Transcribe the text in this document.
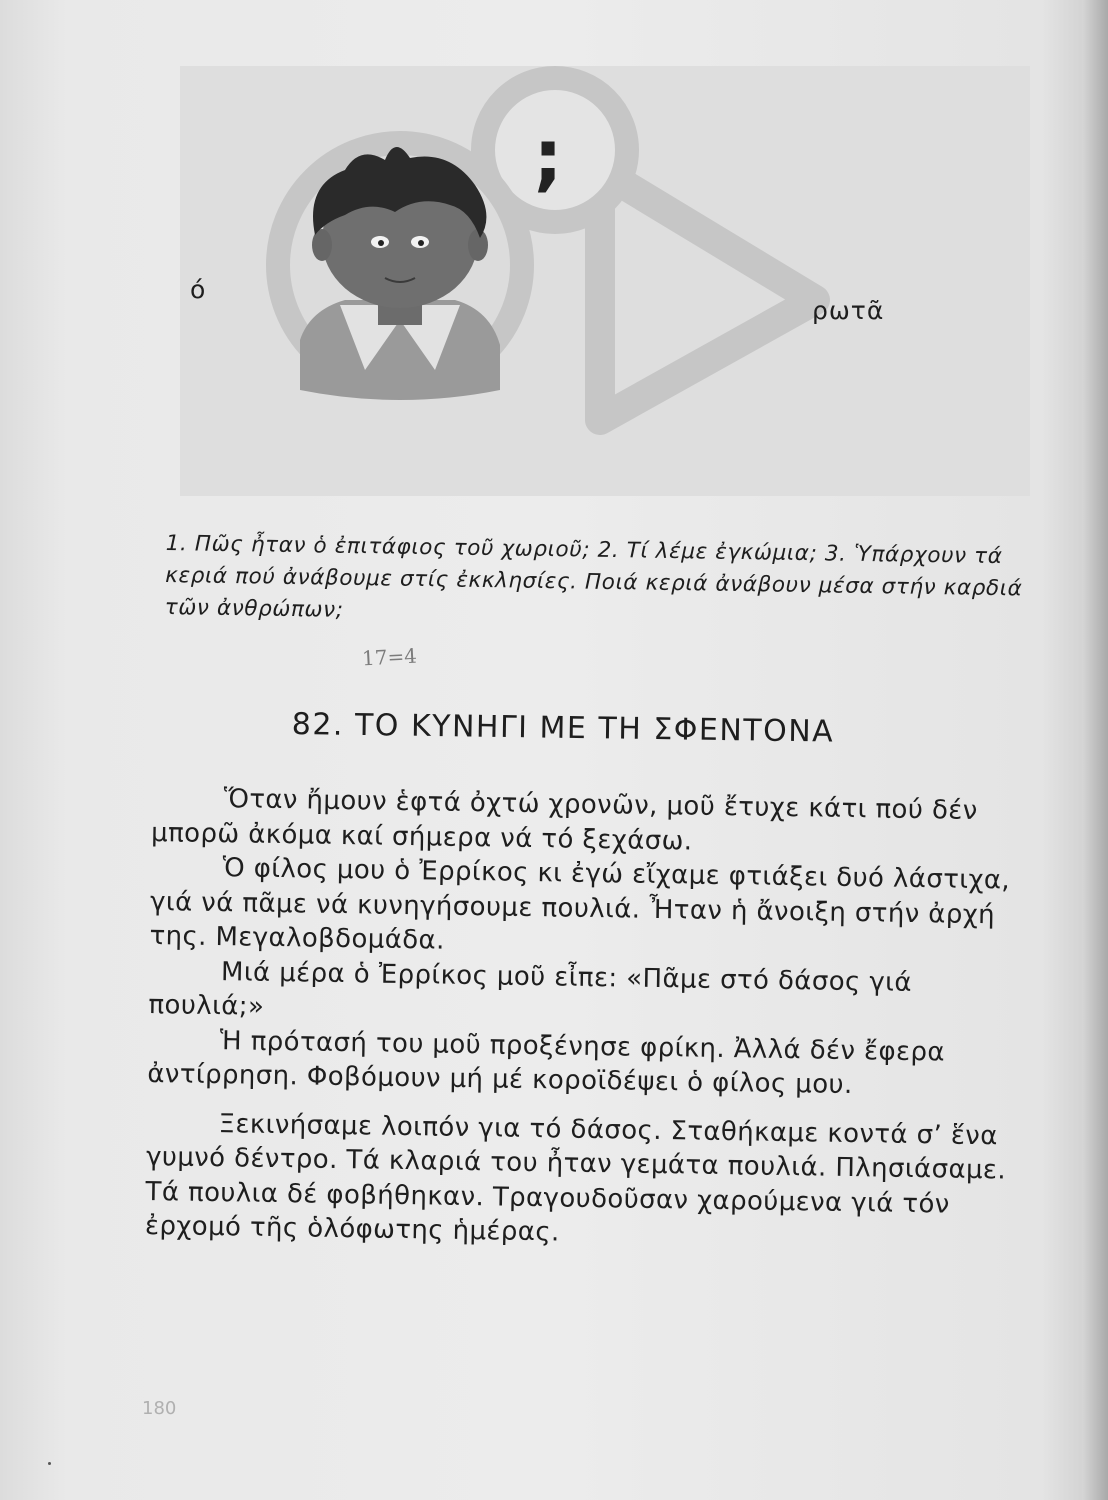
;
ό
ρωτᾶ

1. Πῶς ἦταν ὁ ἐπιτάφιος τοῦ χωριοῦ; 2. Τί λέμε ἐγκώμια; 3. Ὑπάρχουν τά κεριά πού ἀνάβουμε στίς ἐκκλησίες. Ποιά κεριά ἀνάβουν μέσα στήν καρδιά τῶν ἀνθρώπων;

17=4
82. ΤΟ ΚΥΝΗΓΙ ΜΕ ΤΗ ΣΦΕΝΤΟΝΑ

Ὅταν ἤμουν ἑφτά ὀχτώ χρονῶν, μοῦ ἔτυχε κάτι πού δέν μπορῶ ἀκόμα καί σήμερα νά τό ξεχάσω.

Ὁ φίλος μου ὁ Ἐρρίκος κι ἐγώ εἴχαμε φτιάξει δυό λάστιχα, γιά νά πᾶμε νά κυνηγήσουμε πουλιά. Ἦταν ἡ ἄνοιξη στήν ἀρχή της. Μεγαλοβδομάδα.

Μιά μέρα ὁ Ἐρρίκος μοῦ εἶπε: «Πᾶμε στό δάσος γιά πουλιά;»

Ἡ πρότασή του μοῦ προξένησε φρίκη. Ἀλλά δέν ἔφερα ἀντίρρηση. Φοβόμουν μή μέ κοροϊδέψει ὁ φίλος μου.

Ξεκινήσαμε λοιπόν για τό δάσος. Σταθήκαμε κοντά σ’ ἕνα γυμνό δέντρο. Τά κλαριά του ἦταν γεμάτα πουλιά. Πλησιάσαμε. Τά πουλια δέ φοβήθηκαν. Τραγουδοῦσαν χαρούμενα γιά τόν ἐρχομό τῆς ὁλόφωτης ἡμέρας.

180
